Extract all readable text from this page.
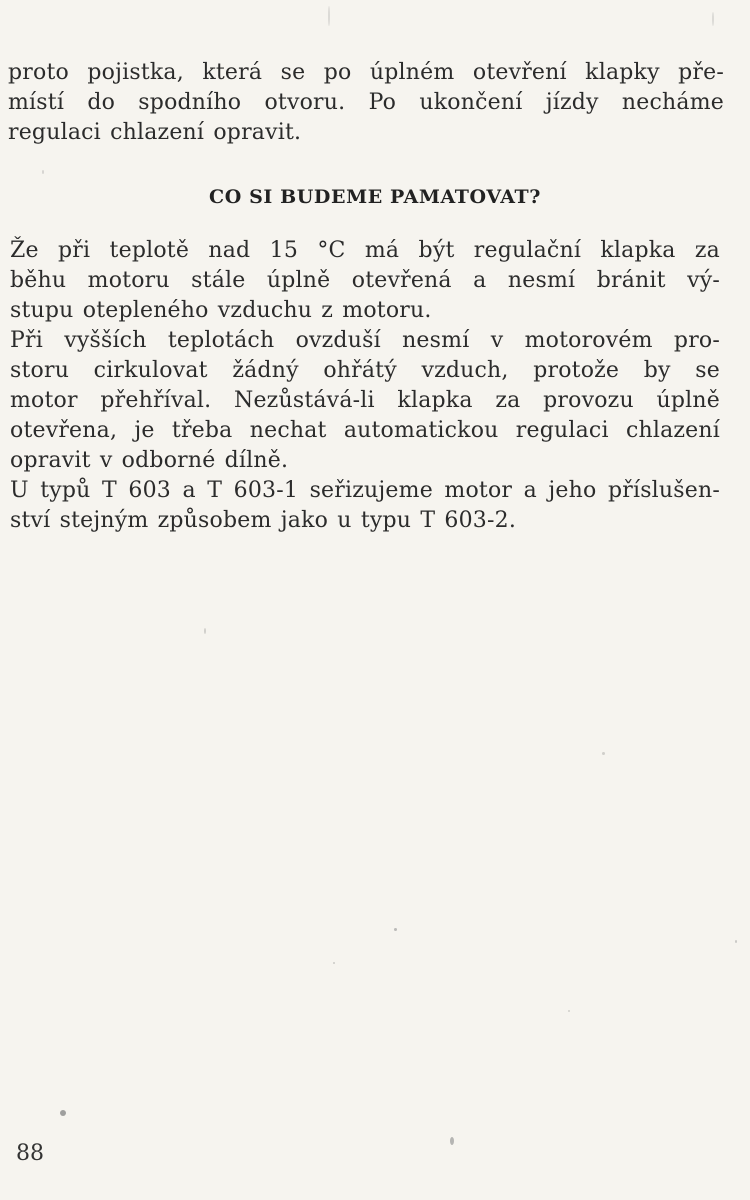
proto pojistka, která se po úplném otevření klapky pře-
místí do spodního otvoru. Po ukončení jízdy necháme
regulaci chlazení opravit.
CO SI BUDEME PAMATOVAT?
Že při teplotě nad 15 °C má být regulační klapka za
běhu motoru stále úplně otevřená a nesmí bránit vý-
stupu otepleného vzduchu z motoru.
Při vyšších teplotách ovzduší nesmí v motorovém pro-
storu cirkulovat žádný ohřátý vzduch, protože by se
motor přehříval. Nezůstává-li klapka za provozu úplně
otevřena, je třeba nechat automatickou regulaci chlazení
opravit v odborné dílně.
U typů T 603 a T 603-1 seřizujeme motor a jeho příslušen-
ství stejným způsobem jako u typu T 603-2.
88
